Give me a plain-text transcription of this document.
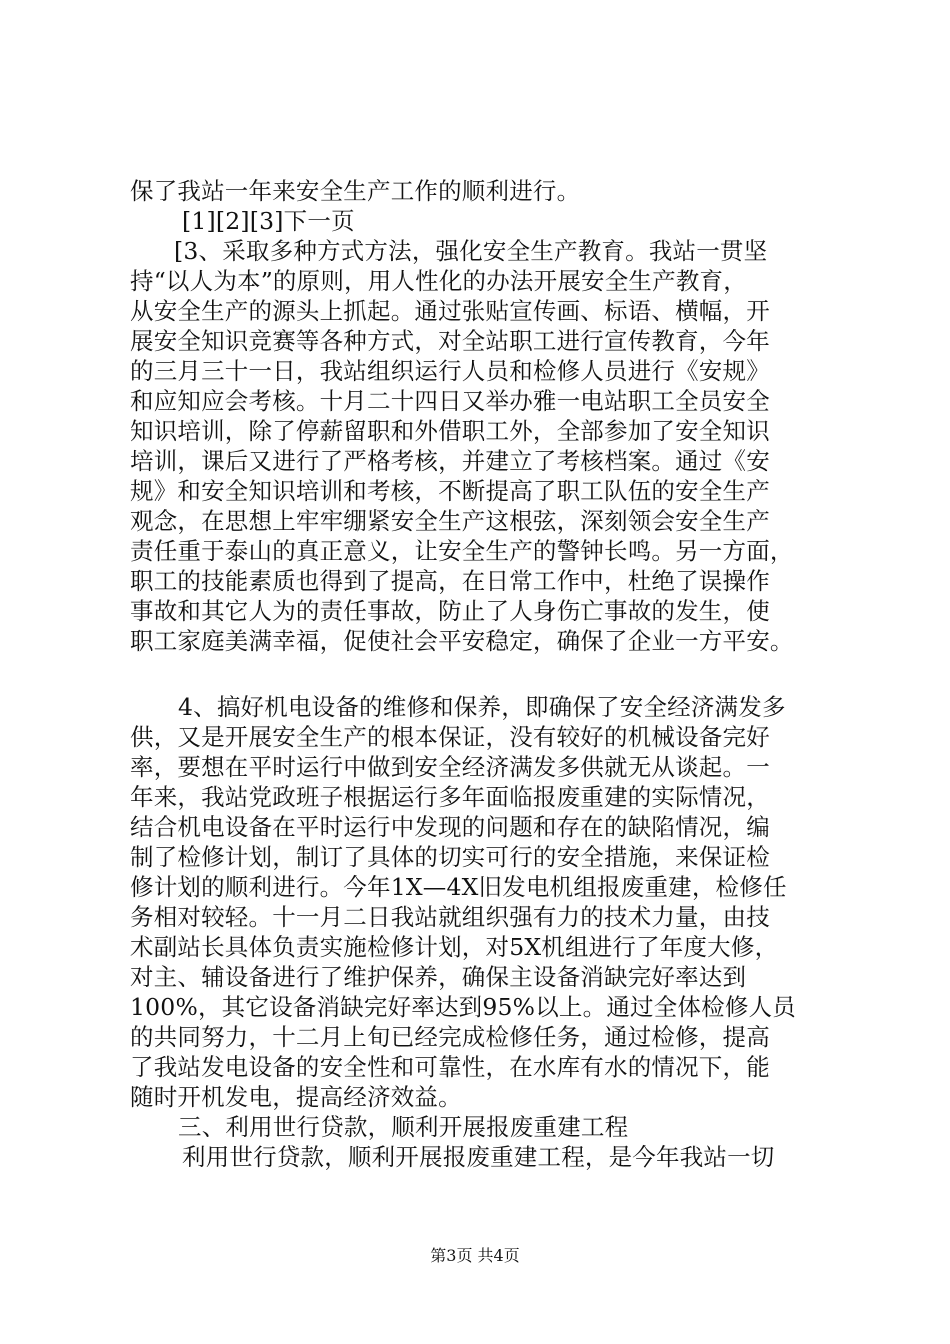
保了我站一年来安全生产工作的顺利进行。

[1][2][3]下一页

[3、采取多种方式方法，强化安全生产教育。我站一贯坚

持“以人为本”的原则，用人性化的办法开展安全生产教育，

从安全生产的源头上抓起。通过张贴宣传画、标语、横幅，开

展安全知识竞赛等各种方式，对全站职工进行宣传教育，今年

的三月三十一日，我站组织运行人员和检修人员进行《安规》

和应知应会考核。十月二十四日又举办雅一电站职工全员安全

知识培训，除了停薪留职和外借职工外，全部参加了安全知识

培训，课后又进行了严格考核，并建立了考核档案。通过《安

规》和安全知识培训和考核，不断提高了职工队伍的安全生产

观念，在思想上牢牢绷紧安全生产这根弦，深刻领会安全生产

责任重于泰山的真正意义，让安全生产的警钟长鸣。另一方面，

职工的技能素质也得到了提高，在日常工作中，杜绝了误操作

事故和其它人为的责任事故，防止了人身伤亡事故的发生，使

职工家庭美满幸福，促使社会平安稳定，确保了企业一方平安。

4、搞好机电设备的维修和保养，即确保了安全经济满发多

供，又是开展安全生产的根本保证，没有较好的机械设备完好

率，要想在平时运行中做到安全经济满发多供就无从谈起。一

年来，我站党政班子根据运行多年面临报废重建的实际情况，

结合机电设备在平时运行中发现的问题和存在的缺陷情况，编

制了检修计划，制订了具体的切实可行的安全措施，来保证检

修计划的顺利进行。今年1X—4X旧发电机组报废重建，检修任

务相对较轻。十一月二日我站就组织强有力的技术力量，由技

术副站长具体负责实施检修计划，对5X机组进行了年度大修，

对主、辅设备进行了维护保养，确保主设备消缺完好率达到

100%，其它设备消缺完好率达到95%以上。通过全体检修人员

的共同努力，十二月上旬已经完成检修任务，通过检修，提高

了我站发电设备的安全性和可靠性，在水库有水的情况下，能

随时开机发电，提高经济效益。

三、利用世行贷款，顺利开展报废重建工程

利用世行贷款，顺利开展报废重建工程，是今年我站一切

第3页 共4页
